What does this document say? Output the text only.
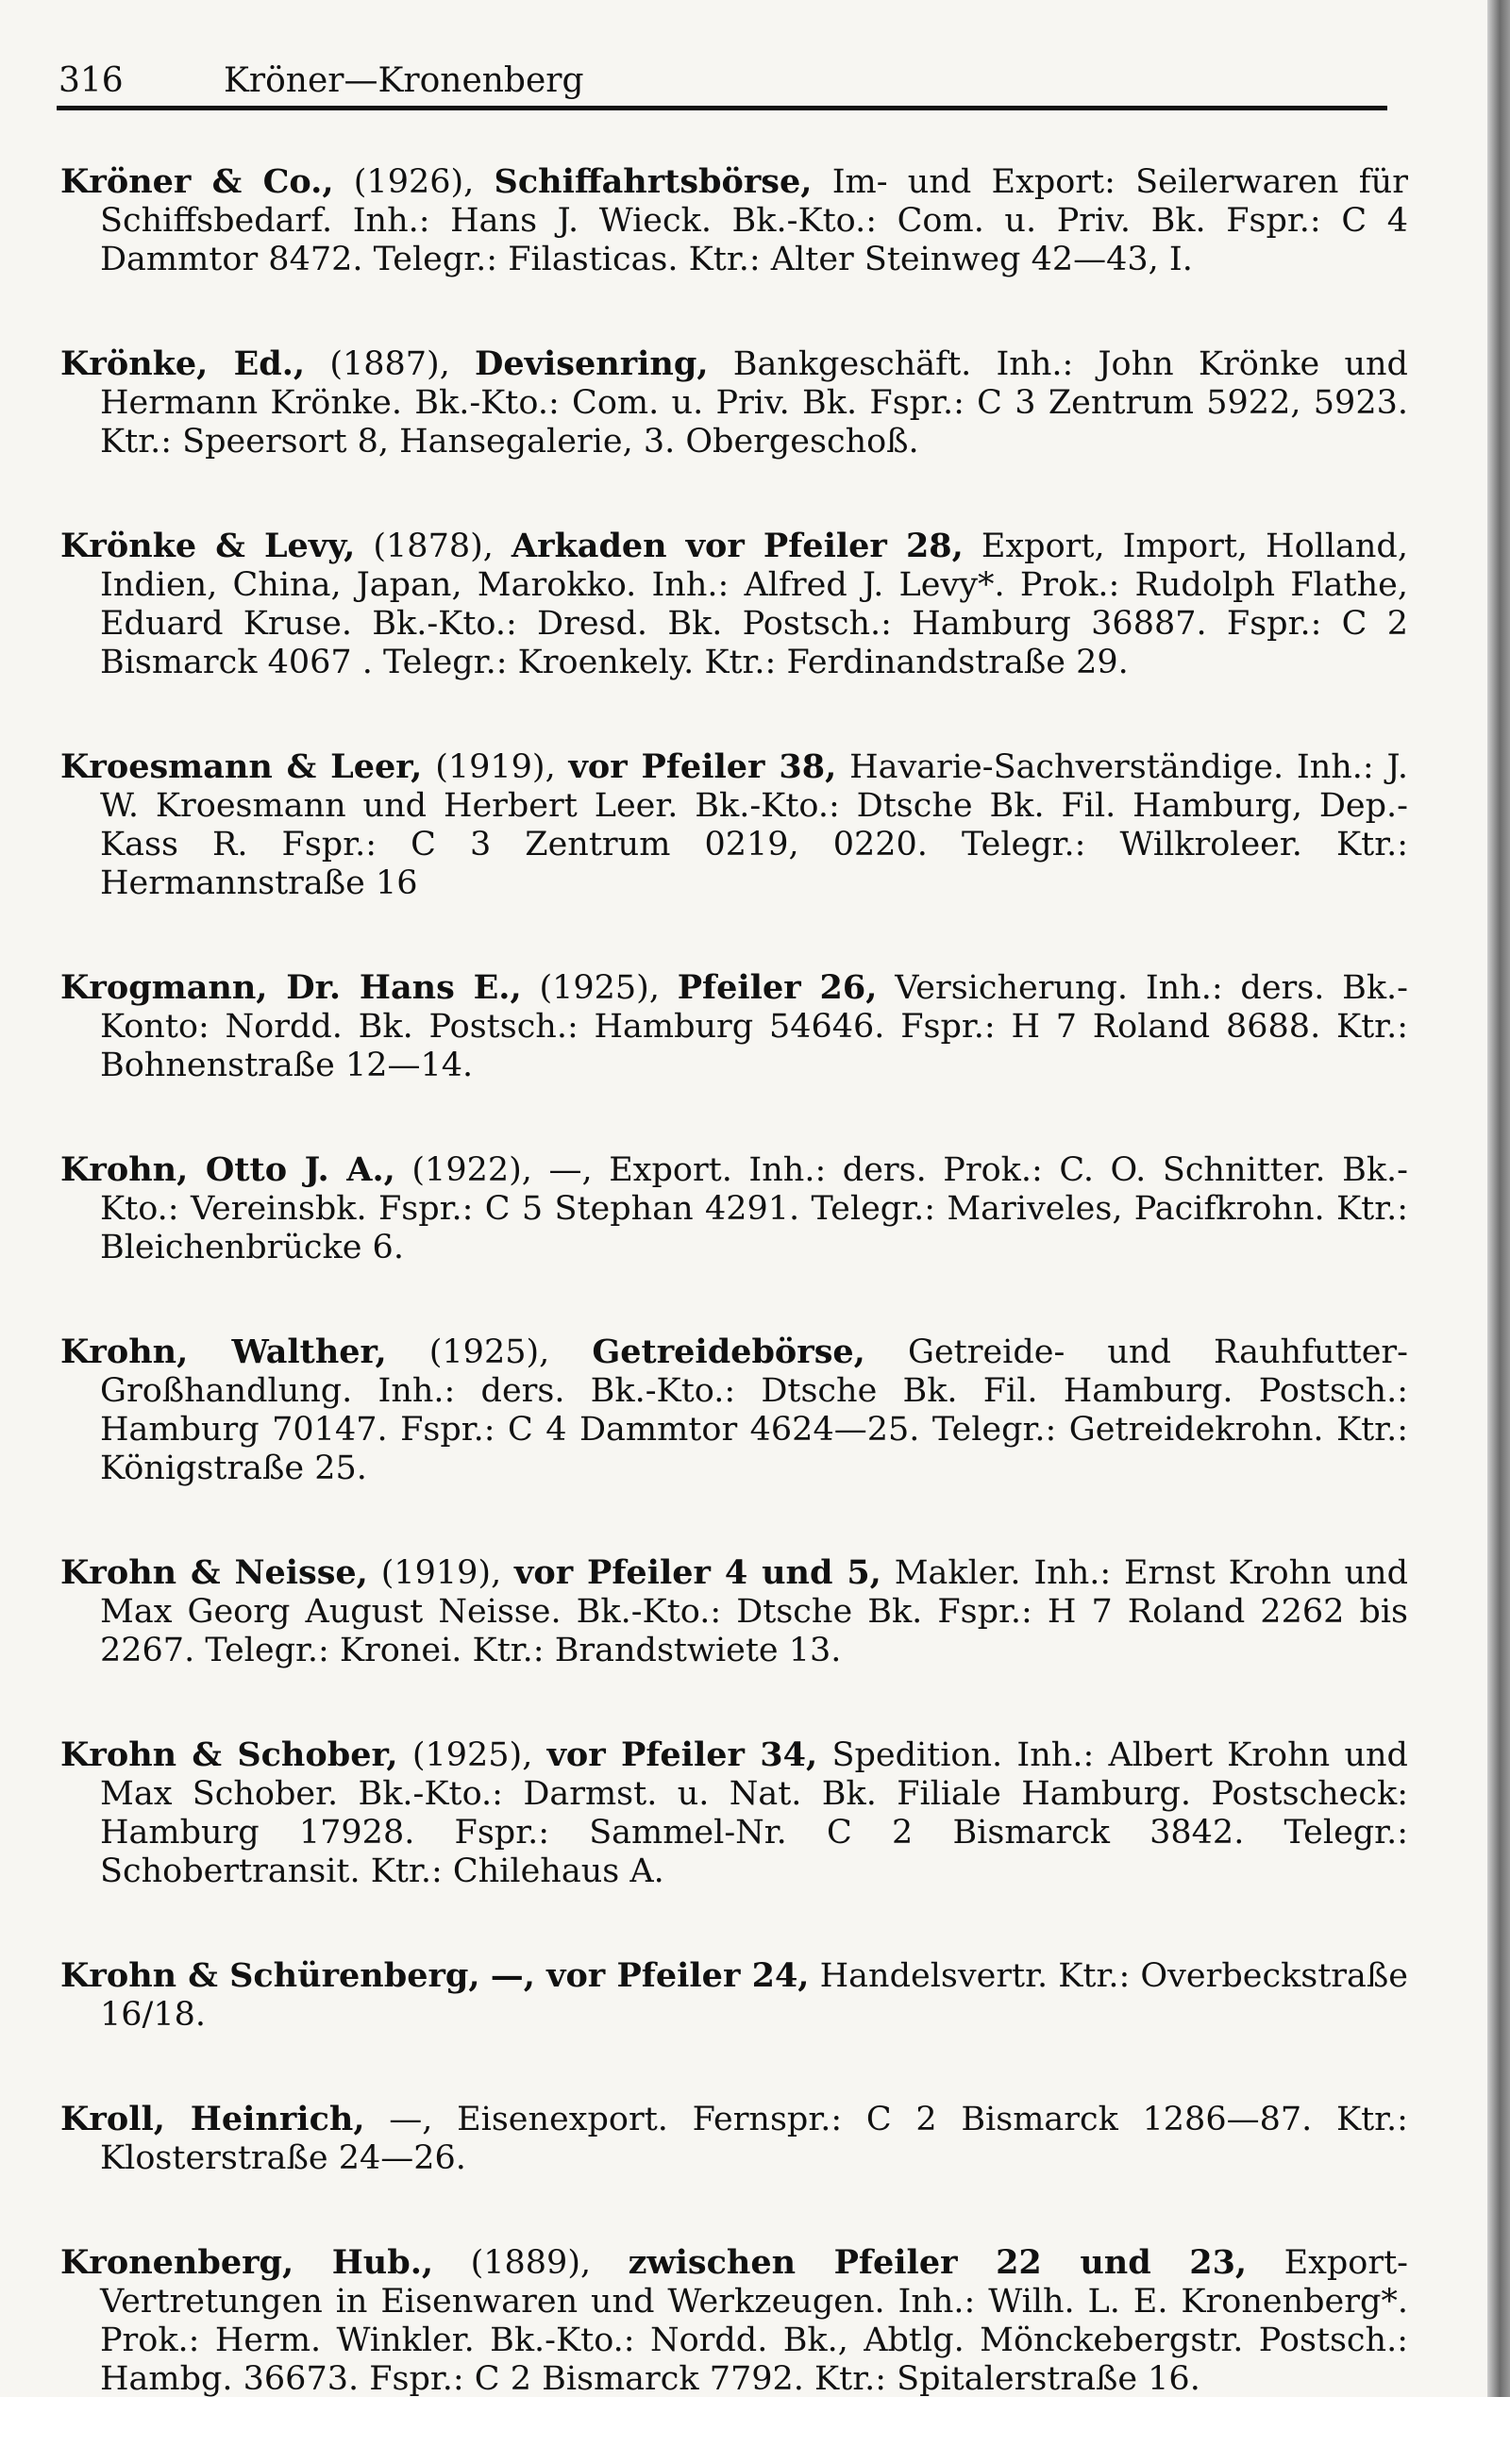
316	Kröner—Kronenberg

Kröner & Co., (1926), Schiffahrtsbörse, Im- und Export: Seilerwaren für Schiffsbedarf. Inh.: Hans J. Wieck. Bk.-Kto.: Com. u. Priv. Bk. Fspr.: C 4 Dammtor 8472. Telegr.: Filasticas. Ktr.: Alter Steinweg 42—43, I.

Krönke, Ed., (1887), Devisenring, Bankgeschäft. Inh.: John Krönke und Hermann Krönke. Bk.-Kto.: Com. u. Priv. Bk. Fspr.: C 3 Zentrum 5922, 5923. Ktr.: Speersort 8, Hansegalerie, 3. Obergeschoß.

Krönke & Levy, (1878), Arkaden vor Pfeiler 28, Export, Import, Holland, Indien, China, Japan, Marokko. Inh.: Alfred J. Levy*. Prok.: Rudolph Flathe, Eduard Kruse. Bk.-Kto.: Dresd. Bk. Postsch.: Hamburg 36887. Fspr.: C 2 Bismarck 4067 . Telegr.: Kroenkely. Ktr.: Ferdinandstraße 29.

Kroesmann & Leer, (1919), vor Pfeiler 38, Havarie-Sachverständige. Inh.: J. W. Kroesmann und Herbert Leer. Bk.-Kto.: Dtsche Bk. Fil. Hamburg, Dep.-Kass R. Fspr.: C 3 Zentrum 0219, 0220. Telegr.: Wilkroleer. Ktr.: Hermannstraße 16

Krogmann, Dr. Hans E., (1925), Pfeiler 26, Versicherung. Inh.: ders. Bk.-Konto: Nordd. Bk. Postsch.: Hamburg 54646. Fspr.: H 7 Roland 8688. Ktr.: Bohnenstraße 12—14.

Krohn, Otto J. A., (1922), —, Export. Inh.: ders. Prok.: C. O. Schnitter. Bk.-Kto.: Vereinsbk. Fspr.: C 5 Stephan 4291. Telegr.: Mariveles, Pacifkrohn. Ktr.: Bleichenbrücke 6.

Krohn, Walther, (1925), Getreidebörse, Getreide- und Rauhfutter-Großhandlung. Inh.: ders. Bk.-Kto.: Dtsche Bk. Fil. Hamburg. Postsch.: Hamburg 70147. Fspr.: C 4 Dammtor 4624—25. Telegr.: Getreidekrohn. Ktr.: Königstraße 25.

Krohn & Neisse, (1919), vor Pfeiler 4 und 5, Makler. Inh.: Ernst Krohn und Max Georg August Neisse. Bk.-Kto.: Dtsche Bk. Fspr.: H 7 Roland 2262 bis 2267. Telegr.: Kronei. Ktr.: Brandstwiete 13.

Krohn & Schober, (1925), vor Pfeiler 34, Spedition. Inh.: Albert Krohn und Max Schober. Bk.-Kto.: Darmst. u. Nat. Bk. Filiale Hamburg. Postscheck: Hamburg 17928. Fspr.: Sammel-Nr. C 2 Bismarck 3842. Telegr.: Schobertransit. Ktr.: Chilehaus A.

Krohn & Schürenberg, —, vor Pfeiler 24, Handelsvertr. Ktr.: Overbeckstraße 16/18.

Kroll, Heinrich, —, Eisenexport. Fernspr.: C 2 Bismarck 1286—87. Ktr.: Klosterstraße 24—26.

Kronenberg, Hub., (1889), zwischen Pfeiler 22 und 23, Export-Vertretungen in Eisenwaren und Werkzeugen. Inh.: Wilh. L. E. Kronenberg*. Prok.: Herm. Winkler. Bk.-Kto.: Nordd. Bk., Abtlg. Mönckebergstr. Postsch.: Hambg. 36673. Fspr.: C 2 Bismarck 7792. Ktr.: Spitalerstraße 16.
